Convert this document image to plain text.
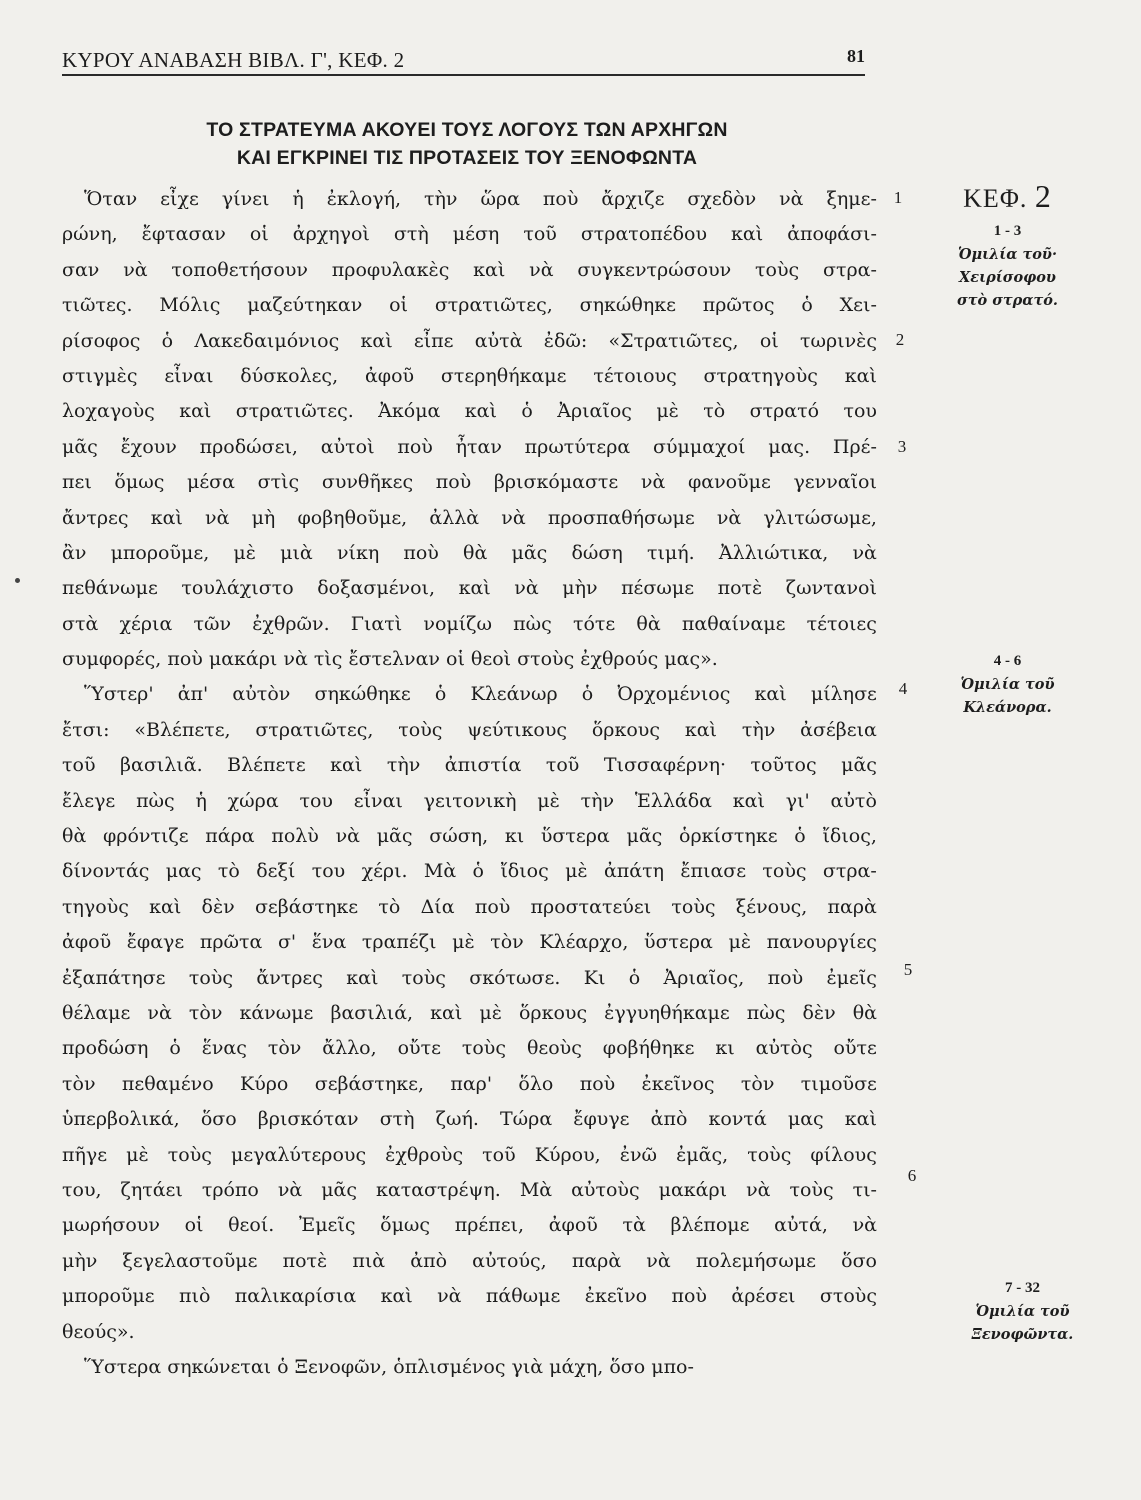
ΚΥΡΟΥ ΑΝΑΒΑΣΗ ΒΙΒΛ. Γ', ΚΕΦ. 2	81
ΤΟ ΣΤΡΑΤΕΥΜΑ ΑΚΟΥΕΙ ΤΟΥΣ ΛΟΓΟΥΣ ΤΩΝ ΑΡΧΗΓΩΝ
ΚΑΙ ΕΓΚΡΙΝΕΙ ΤΙΣ ΠΡΟΤΑΣΕΙΣ ΤΟΥ ΞΕΝΟΦΩΝΤΑ
Ὅταν εἶχε γίνει ἡ ἐκλογή, τὴν ὥρα ποὺ ἄρχιζε σχεδὸν νὰ ξημε-
ρώνη, ἔφτασαν οἱ ἀρχηγοὶ στὴ μέση τοῦ στρατοπέδου καὶ ἀποφάσι-
σαν νὰ τοποθετήσουν προφυλακὲς καὶ νὰ συγκεντρώσουν τοὺς στρα-
τιῶτες. Μόλις μαζεύτηκαν οἱ στρατιῶτες, σηκώθηκε πρῶτος ὁ Χει-
ρίσοφος ὁ Λακεδαιμόνιος καὶ εἶπε αὐτὰ ἐδῶ: «Στρατιῶτες, οἱ τωρινὲς
στιγμὲς εἶναι δύσκολες, ἀφοῦ στερηθήκαμε τέτοιους στρατηγοὺς καὶ
λοχαγοὺς καὶ στρατιῶτες. Ἀκόμα καὶ ὁ Ἀριαῖος μὲ τὸ στρατό του
μᾶς ἔχουν προδώσει, αὐτοὶ ποὺ ἦταν πρωτύτερα σύμμαχοί μας. Πρέ-
πει ὅμως μέσα στὶς συνθῆκες ποὺ βρισκόμαστε νὰ φανοῦμε γενναῖοι
ἄντρες καὶ νὰ μὴ φοβηθοῦμε, ἀλλὰ νὰ προσπαθήσωμε νὰ γλιτώσωμε,
ἂν μποροῦμε, μὲ μιὰ νίκη ποὺ θὰ μᾶς δώση τιμή. Ἀλλιώτικα, νὰ
πεθάνωμε τουλάχιστο δοξασμένοι, καὶ νὰ μὴν πέσωμε ποτὲ ζωντανοὶ
στὰ χέρια τῶν ἐχθρῶν. Γιατὶ νομίζω πὼς τότε θὰ παθαίναμε τέτοιες
συμφορές, ποὺ μακάρι νὰ τὶς ἔστελναν οἱ θεοὶ στοὺς ἐχθρούς μας».
Ὕστερ' ἀπ' αὐτὸν σηκώθηκε ὁ Κλεάνωρ ὁ Ὀρχομένιος καὶ μίλησε
ἔτσι: «Βλέπετε, στρατιῶτες, τοὺς ψεύτικους ὅρκους καὶ τὴν ἀσέβεια
τοῦ βασιλιᾶ. Βλέπετε καὶ τὴν ἀπιστία τοῦ Τισσαφέρνη· τοῦτος μᾶς
ἔλεγε πὼς ἡ χώρα του εἶναι γειτονικὴ μὲ τὴν Ἑλλάδα καὶ γι' αὐτὸ
θὰ φρόντιζε πάρα πολὺ νὰ μᾶς σώση, κι ὕστερα μᾶς ὁρκίστηκε ὁ ἴδιος,
δίνοντάς μας τὸ δεξί του χέρι. Μὰ ὁ ἴδιος μὲ ἀπάτη ἔπιασε τοὺς στρα-
τηγοὺς καὶ δὲν σεβάστηκε τὸ Δία ποὺ προστατεύει τοὺς ξένους, παρὰ
ἀφοῦ ἔφαγε πρῶτα σ' ἕνα τραπέζι μὲ τὸν Κλέαρχο, ὕστερα μὲ πανουργίες
ἐξαπάτησε τοὺς ἄντρες καὶ τοὺς σκότωσε. Κι ὁ Ἀριαῖος, ποὺ ἐμεῖς
θέλαμε νὰ τὸν κάνωμε βασιλιά, καὶ μὲ ὅρκους ἐγγυηθήκαμε πὼς δὲν θὰ
προδώση ὁ ἕνας τὸν ἄλλο, οὔτε τοὺς θεοὺς φοβήθηκε κι αὐτὸς οὔτε
τὸν πεθαμένο Κύρο σεβάστηκε, παρ' ὅλο ποὺ ἐκεῖνος τὸν τιμοῦσε
ὑπερβολικά, ὅσο βρισκόταν στὴ ζωή. Τώρα ἔφυγε ἀπὸ κοντά μας καὶ
πῆγε μὲ τοὺς μεγαλύτερους ἐχθροὺς τοῦ Κύρου, ἐνῶ ἐμᾶς, τοὺς φίλους
του, ζητάει τρόπο νὰ μᾶς καταστρέψη. Μὰ αὐτοὺς μακάρι νὰ τοὺς τι-
μωρήσουν οἱ θεοί. Ἐμεῖς ὅμως πρέπει, ἀφοῦ τὰ βλέπομε αὐτά, νὰ
μὴν ξεγελαστοῦμε ποτὲ πιὰ ἀπὸ αὐτούς, παρὰ νὰ πολεμήσωμε ὅσο
μποροῦμε πιὸ παλικαρίσια καὶ νὰ πάθωμε ἐκεῖνο ποὺ ἀρέσει στοὺς
θεούς».
Ὕστερα σηκώνεται ὁ Ξενοφῶν, ὁπλισμένος γιὰ μάχη, ὅσο μπο-
1
2
3
4
5
6
ΚΕΦ. 2
1 - 3
Ὁμιλία τοῦ·
Χειρίσοφου
στὸ στρατό.
4 - 6
Ὁμιλία τοῦ
Κλεάνορα.
7 - 32
Ὁμιλία τοῦ
Ξενοφῶντα.
